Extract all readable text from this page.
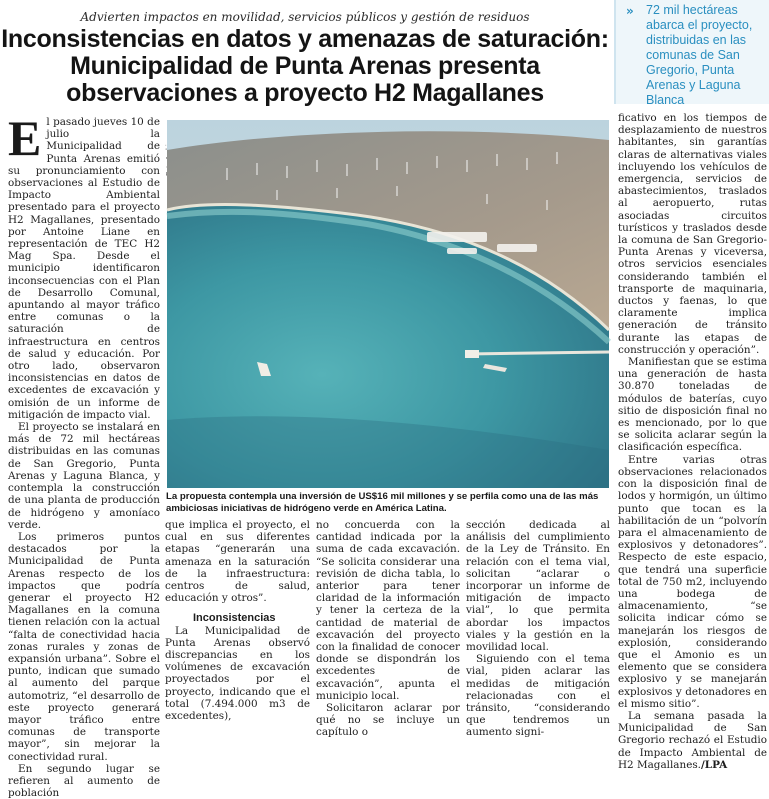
Advierten impactos en movilidad, servicios públicos y gestión de residuos
Inconsistencias en datos y amenazas de saturación:
Municipalidad de Punta Arenas presenta
observaciones a proyecto H2 Magallanes
» 72 mil hectáreas abarca el proyecto, distribuidas en las comunas de San Gregorio, Punta Arenas y Laguna Blanca
E l pasado jueves 10 de julio la Municipalidad de Punta Arenas emitió su pronunciamiento con observaciones al Estudio de Impacto Ambiental presentado para el proyecto H2 Magallanes, presentado por Antoine Liane en representación de TEC H2 Mag Spa. Desde el municipio identificaron inconsecuencias con el Plan de Desarrollo Comunal, apuntando al mayor tráfico entre comunas o la saturación de infraestructura en centros de salud y educación. Por otro lado, observaron inconsistencias en datos de excedentes de excavación y omisión de un informe de mitigación de impacto vial.

El proyecto se instalará en más de 72 mil hectáreas distribuidas en las comunas de San Gregorio, Punta Arenas y Laguna Blanca, y contempla la construcción de una planta de producción de hidrógeno y amoníaco verde.

Los primeros puntos destacados por la Municipalidad de Punta Arenas respecto de los impactos que podría generar el proyecto H2 Magallanes en la comuna tienen relación con la actual “falta de conectividad hacia zonas rurales y zonas de expansión urbana”. Sobre el punto, indican que sumado al aumento del parque automotriz, “el desarrollo de este proyecto generará mayor tráfico entre comunas de transporte mayor”, sin mejorar la conectividad rural.

En segundo lugar se refieren al aumento de población

La propuesta contempla una inversión de US$16 mil millones y se perfila como una de las más ambiciosas iniciativas de hidrógeno verde en América Latina.

que implica el proyecto, el cual en sus diferentes etapas “generarán una amenaza en la saturación de la infraestructura: centros de salud, educación y otros”.

Inconsistencias

La Municipalidad de Punta Arenas observó discrepancias en los volúmenes de excavación proyectados por el proyecto, indicando que el total (7.494.000 m3 de excedentes),

no concuerda con la cantidad indicada por la suma de cada excavación. “Se solicita considerar una revisión de dicha tabla, lo anterior para tener claridad de la información y tener la certeza de la cantidad de material de excavación del proyecto con la finalidad de conocer donde se dispondrán los excedentes de excavación”, apunta el municipio local.

Solicitaron aclarar por qué no se incluye un capítulo o

sección dedicada al análisis del cumplimiento de la Ley de Tránsito. En relación con el tema vial, solicitan “aclarar o incorporar un informe de mitigación de impacto vial”, lo que permita abordar los impactos viales y la gestión en la movilidad local.

Siguiendo con el tema vial, piden aclarar las medidas de mitigación relacionadas con el tránsito, “considerando que tendremos un aumento signi-

ficativo en los tiempos de desplazamiento de nuestros habitantes, sin garantías claras de alternativas viales incluyendo los vehículos de emergencia, servicios de abastecimientos, traslados al aeropuerto, rutas asociadas circuitos turísticos y traslados desde la comuna de San Gregorio-Punta Arenas y viceversa, otros servicios esenciales considerando también el transporte de maquinaria, ductos y faenas, lo que claramente implica generación de tránsito durante las etapas de construcción y operación”.

Manifiestan que se estima una generación de hasta 30.870 toneladas de módulos de baterías, cuyo sitio de disposición final no es mencionado, por lo que se solicita aclarar según la clasificación específica.

Entre varias otras observaciones relacionados con la disposición final de lodos y hormigón, un último punto que tocan es la habilitación de un “polvorín para el almacenamiento de explosivos y detonadores”. Respecto de este espacio, que tendrá una superficie total de 750 m2, incluyendo una bodega de almacenamiento, “se solicita indicar cómo se manejarán los riesgos de explosión, considerando que el Amonio es un elemento que se considera explosivo y se manejarán explosivos y detonadores en el mismo sitio”.

La semana pasada la Municipalidad de San Gregorio rechazó el Estudio de Impacto Ambiental de H2 Magallanes./LPA
